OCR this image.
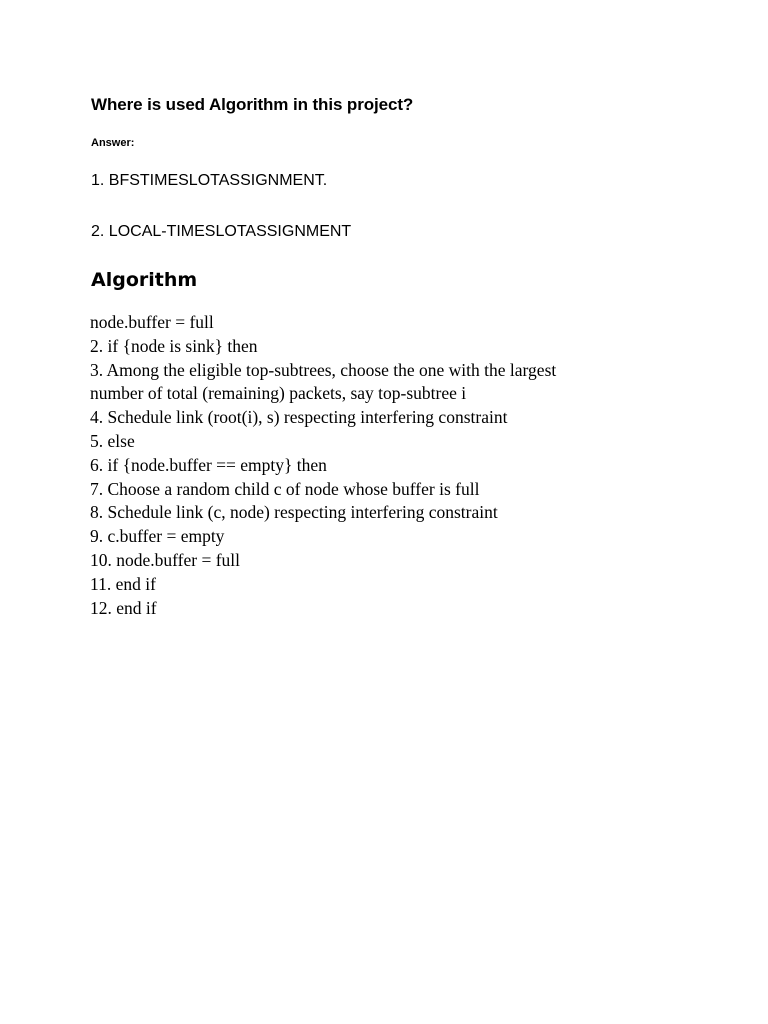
Where is used Algorithm in this project?
Answer:
1. BFSTIMESLOTASSIGNMENT.
2. LOCAL-TIMESLOTASSIGNMENT
Algorithm
node.buffer = full
2. if {node is sink} then
3. Among the eligible top-subtrees, choose the one with the largest
number of total (remaining) packets, say top-subtree i
4. Schedule link (root(i), s) respecting interfering constraint
5. else
6. if {node.buffer == empty} then
7. Choose a random child c of node whose buffer is full
8. Schedule link (c, node) respecting interfering constraint
9. c.buffer = empty
10. node.buffer = full
11. end if
12. end if
